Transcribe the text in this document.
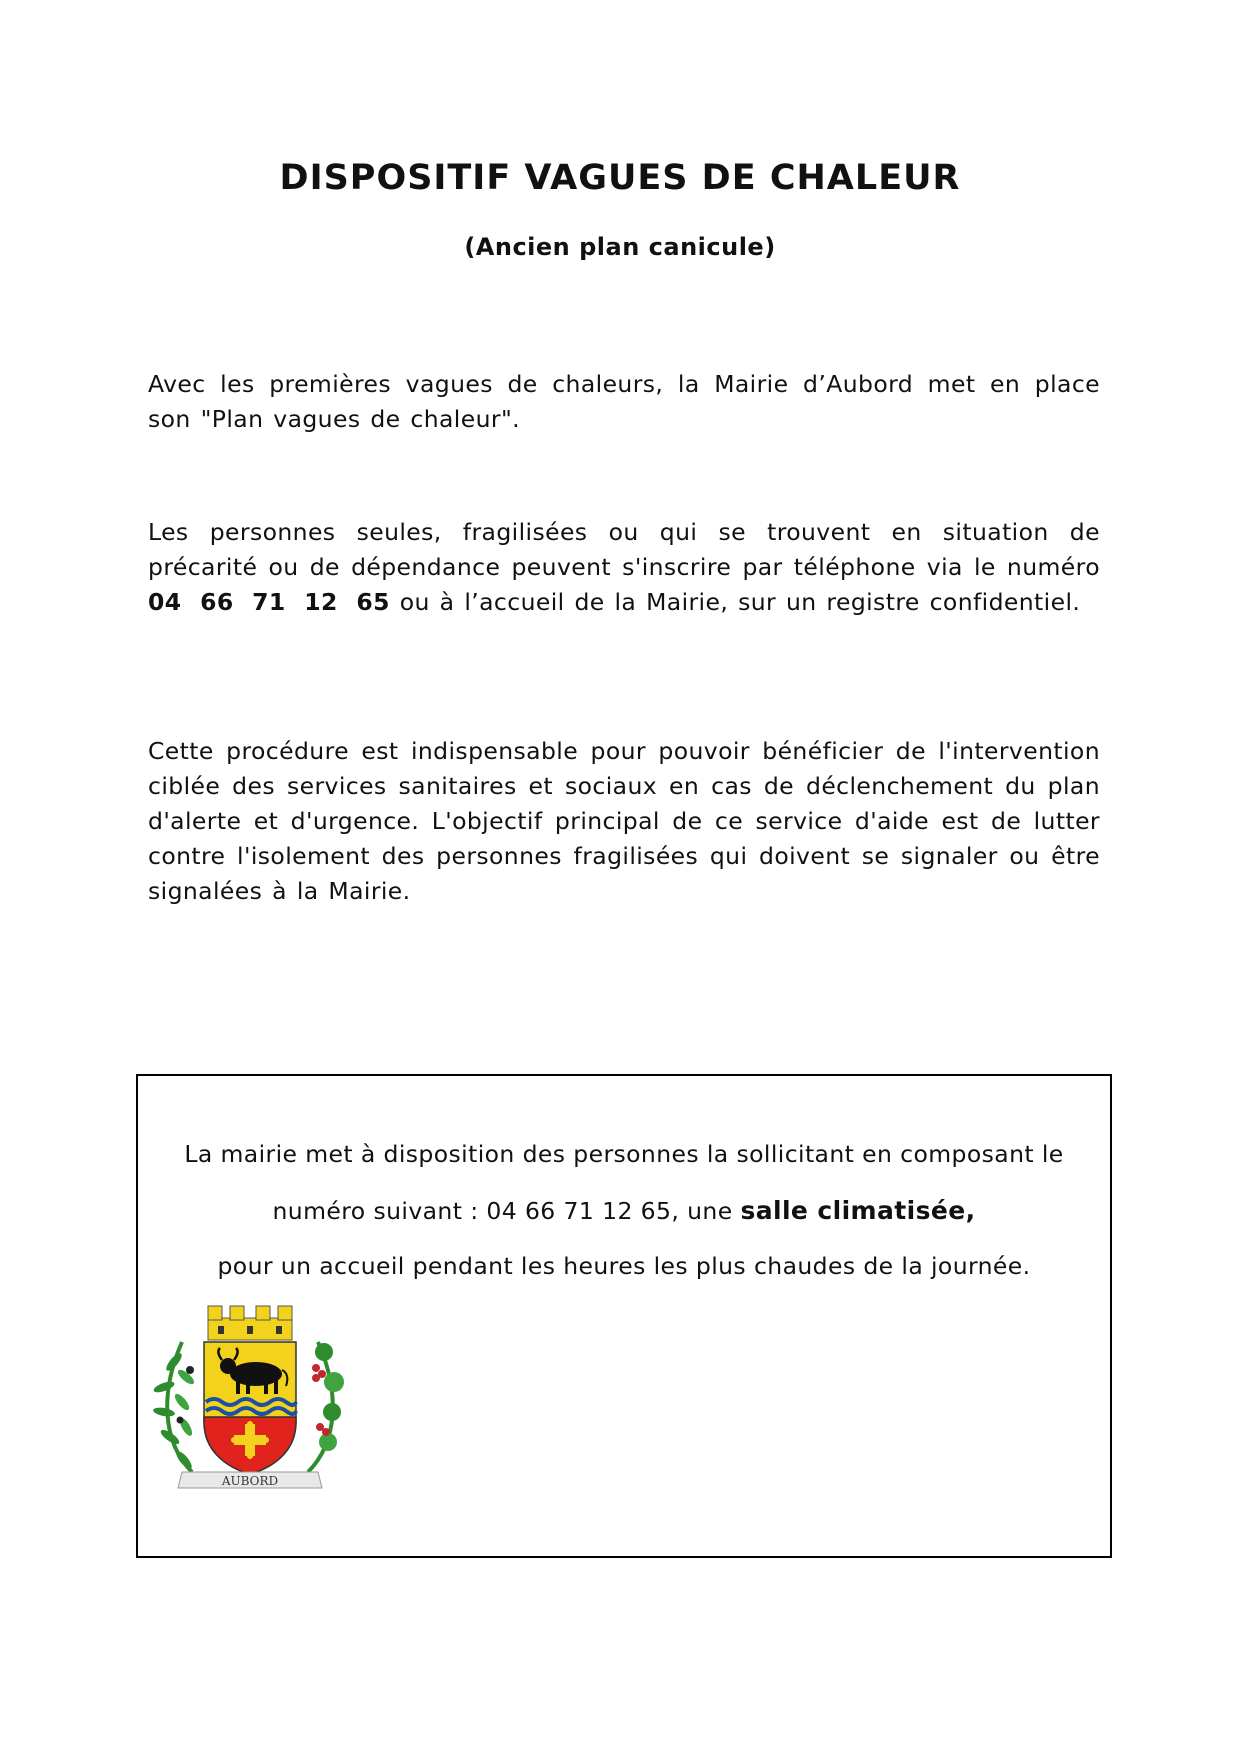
DISPOSITIF VAGUES DE CHALEUR
(Ancien plan canicule)

Avec les premières vagues de chaleurs, la Mairie d’Aubord met en place son "Plan vagues de chaleur".

Les personnes seules, fragilisées ou qui se trouvent en situation de précarité ou de dépendance peuvent s'inscrire par téléphone via le numéro 04 66 71 12 65 ou à l’accueil de la Mairie, sur un registre confidentiel.

Cette procédure est indispensable pour pouvoir bénéficier de l'intervention ciblée des services sanitaires et sociaux en cas de déclenchement du plan d'alerte et d'urgence. L'objectif principal de ce service d'aide est de lutter contre l'isolement des personnes fragilisées qui doivent se signaler ou être signalées à la Mairie.

La mairie met à disposition des personnes la sollicitant en composant le
numéro suivant : 04 66 71 12 65, une salle climatisée,
pour un accueil pendant les heures les plus chaudes de la journée.
AUBORD
